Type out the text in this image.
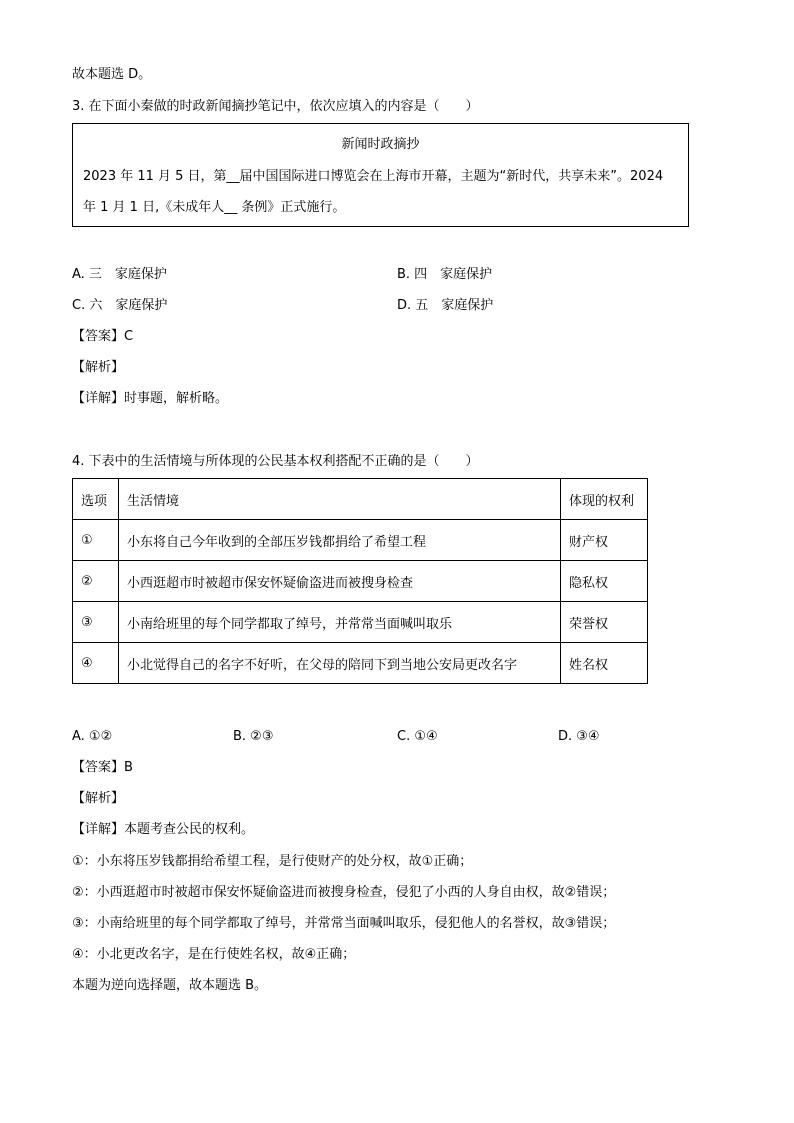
故本题选 D。
3. 在下面小秦做的时政新闻摘抄笔记中，依次应填入的内容是（　　）
新闻时政摘抄
2023 年 11 月 5 日，第__届中国国际进口博览会在上海市开幕，主题为“新时代，共享未来”。2024
年 1 月 1 日,《未成年人__ 条例》正式施行。
A. 三　家庭保护	B. 四　家庭保护
C. 六　家庭保护	D. 五　家庭保护
【答案】C
【解析】
【详解】时事题，解析略。
4. 下表中的生活情境与所体现的公民基本权利搭配不正确的是（　　）
选项	生活情境	体现的权利
①	小东将自己今年收到的全部压岁钱都捐给了希望工程	财产权
②	小西逛超市时被超市保安怀疑偷盗进而被搜身检查	隐私权
③	小南给班里的每个同学都取了绰号，并常常当面喊叫取乐	荣誉权
④	小北觉得自己的名字不好听，在父母的陪同下到当地公安局更改名字	姓名权
A. ①②	B. ②③	C. ①④	D. ③④
【答案】B
【解析】
【详解】本题考查公民的权利。
①：小东将压岁钱都捐给希望工程，是行使财产的处分权，故①正确；
②：小西逛超市时被超市保安怀疑偷盗进而被搜身检查，侵犯了小西的人身自由权，故②错误；
③：小南给班里的每个同学都取了绰号，并常常当面喊叫取乐，侵犯他人的名誉权，故③错误；
④：小北更改名字，是在行使姓名权，故④正确；
本题为逆向选择题，故本题选 B。
